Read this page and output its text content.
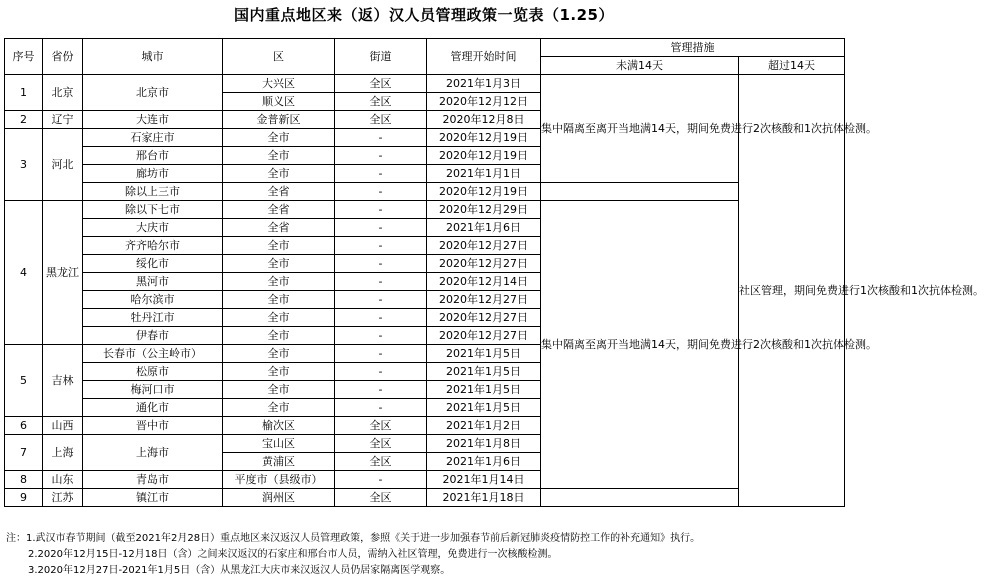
国内重点地区来（返）汉人员管理政策一览表（1.25）
序号	省份	城市	区	街道	管理开始时间	管理措施		
						未满14天	超过14天	
1	北京	北京市	大兴区	全区	2021年1月3日	集中隔离至离开当地满14天，期间免费进行2次核酸和1次抗体检测。	社区管理，期间免费进行1次核酸和1次抗体检测。	
			顺义区	全区	2020年12月12日			
2	辽宁	大连市	金普新区	全区	2020年12月8日			
3	河北	石家庄市	全市	-	2020年12月19日			
		邢台市	全市	-	2020年12月19日			
		廊坊市	全市	-	2021年1月1日			
		除以上三市	全省	-	2020年12月19日	

4	黑龙江	除以下七市	全省	-	2020年12月29日	集中隔离至离开当地满14天，期间免费进行2次核酸和1次抗体检测。		
		大庆市	全省	-	2021年1月6日			
		齐齐哈尔市	全市	-	2020年12月27日			
		绥化市	全市	-	2020年12月27日			
		黑河市	全市	-	2020年12月14日			
		哈尔滨市	全市	-	2020年12月27日			
		牡丹江市	全市	-	2020年12月27日			
		伊春市	全市	-	2020年12月27日			
5	吉林	长春市（公主岭市）	全市	-	2021年1月5日			
		松原市	全市	-	2021年1月5日			
		梅河口市	全市	-	2021年1月5日			
		通化市	全市	-	2021年1月5日			
6	山西	晋中市	榆次区	全区	2021年1月2日			
7	上海	上海市	宝山区	全区	2021年1月8日			
			黄浦区	全区	2021年1月6日			
8	山东	青岛市	平度市（县级市）	-	2021年1月14日			
9	江苏	镇江市	润州区	全区	2021年1月18日			
注：1.武汉市春节期间（截至2021年2月28日）重点地区来汉返汉人员管理政策，参照《关于进一步加强春节前后新冠肺炎疫情防控工作的补充通知》执行。
2.2020年12月15日-12月18日（含）之间来汉返汉的石家庄和邢台市人员，需纳入社区管理，免费进行一次核酸检测。
3.2020年12月27日-2021年1月5日（含）从黑龙江大庆市来汉返汉人员仍居家隔离医学观察。
